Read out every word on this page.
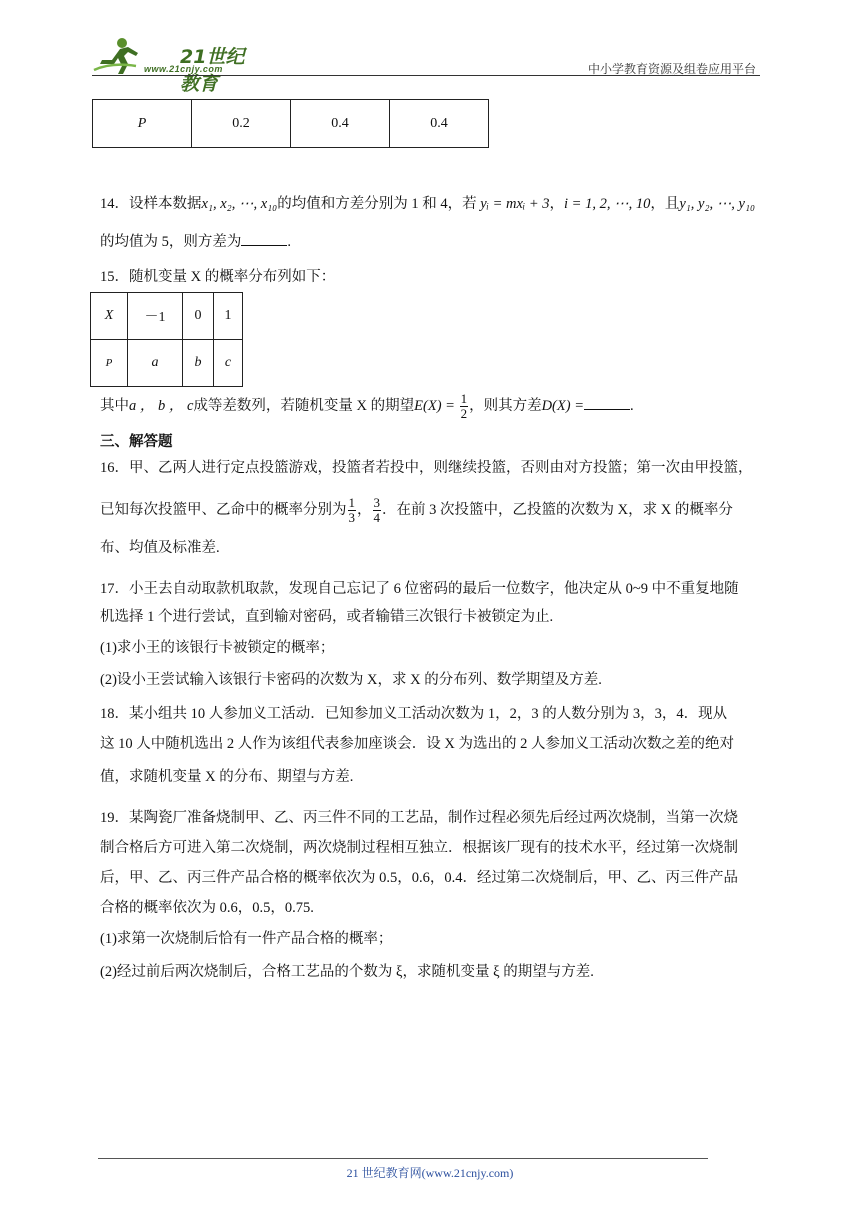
21世纪教育
www.21cnjy.com	中小学教育资源及组卷应用平台
P	0.2	0.4	0.4
14．设样本数据x₁, x₂, ⋯, x₁₀的均值和方差分别为 1 和 4，若 yᵢ = mxᵢ + 3，i = 1, 2, ⋯, 10，且y₁, y₂, ⋯, y₁₀
的均值为 5，则方差为	.
15．随机变量 X 的概率分布列如下：
X	－1	0	1
P	a	b	c
其中a ， b ， c成等差数列，若随机变量 X 的期望$E(X) = \frac{1}{2}$ ，则其方差D(X) =	.
三、解答题
16．甲、乙两人进行定点投篮游戏，投篮者若投中，则继续投篮，否则由对方投篮；第一次由甲投篮，
已知每次投篮甲、乙命中的概率分别为 $\frac{1}{3}$ ， $\frac{3}{4}$ ．在前 3 次投篮中，乙投篮的次数为 X，求 X 的概率分
布、均值及标准差.
17．小王去自动取款机取款，发现自己忘记了 6 位密码的最后一位数字，他决定从 0~9 中不重复地随
机选择 1 个进行尝试，直到输对密码，或者输错三次银行卡被锁定为止.
(1)求小王的该银行卡被锁定的概率；
(2)设小王尝试输入该银行卡密码的次数为 X，求 X 的分布列、数学期望及方差.
18．某小组共 10 人参加义工活动．已知参加义工活动次数为 1，2，3 的人数分别为 3，3，4．现从
这 10 人中随机选出 2 人作为该组代表参加座谈会．设 X 为选出的 2 人参加义工活动次数之差的绝对
值，求随机变量 X 的分布、期望与方差.
19．某陶瓷厂准备烧制甲、乙、丙三件不同的工艺品，制作过程必须先后经过两次烧制，当第一次烧
制合格后方可进入第二次烧制，两次烧制过程相互独立．根据该厂现有的技术水平，经过第一次烧制
后，甲、乙、丙三件产品合格的概率依次为 0.5，0.6，0.4．经过第二次烧制后，甲、乙、丙三件产品
合格的概率依次为 0.6，0.5，0.75.
(1)求第一次烧制后恰有一件产品合格的概率；
(2)经过前后两次烧制后，合格工艺品的个数为 ξ，求随机变量 ξ 的期望与方差.
21 世纪教育网(www.21cnjy.com)
